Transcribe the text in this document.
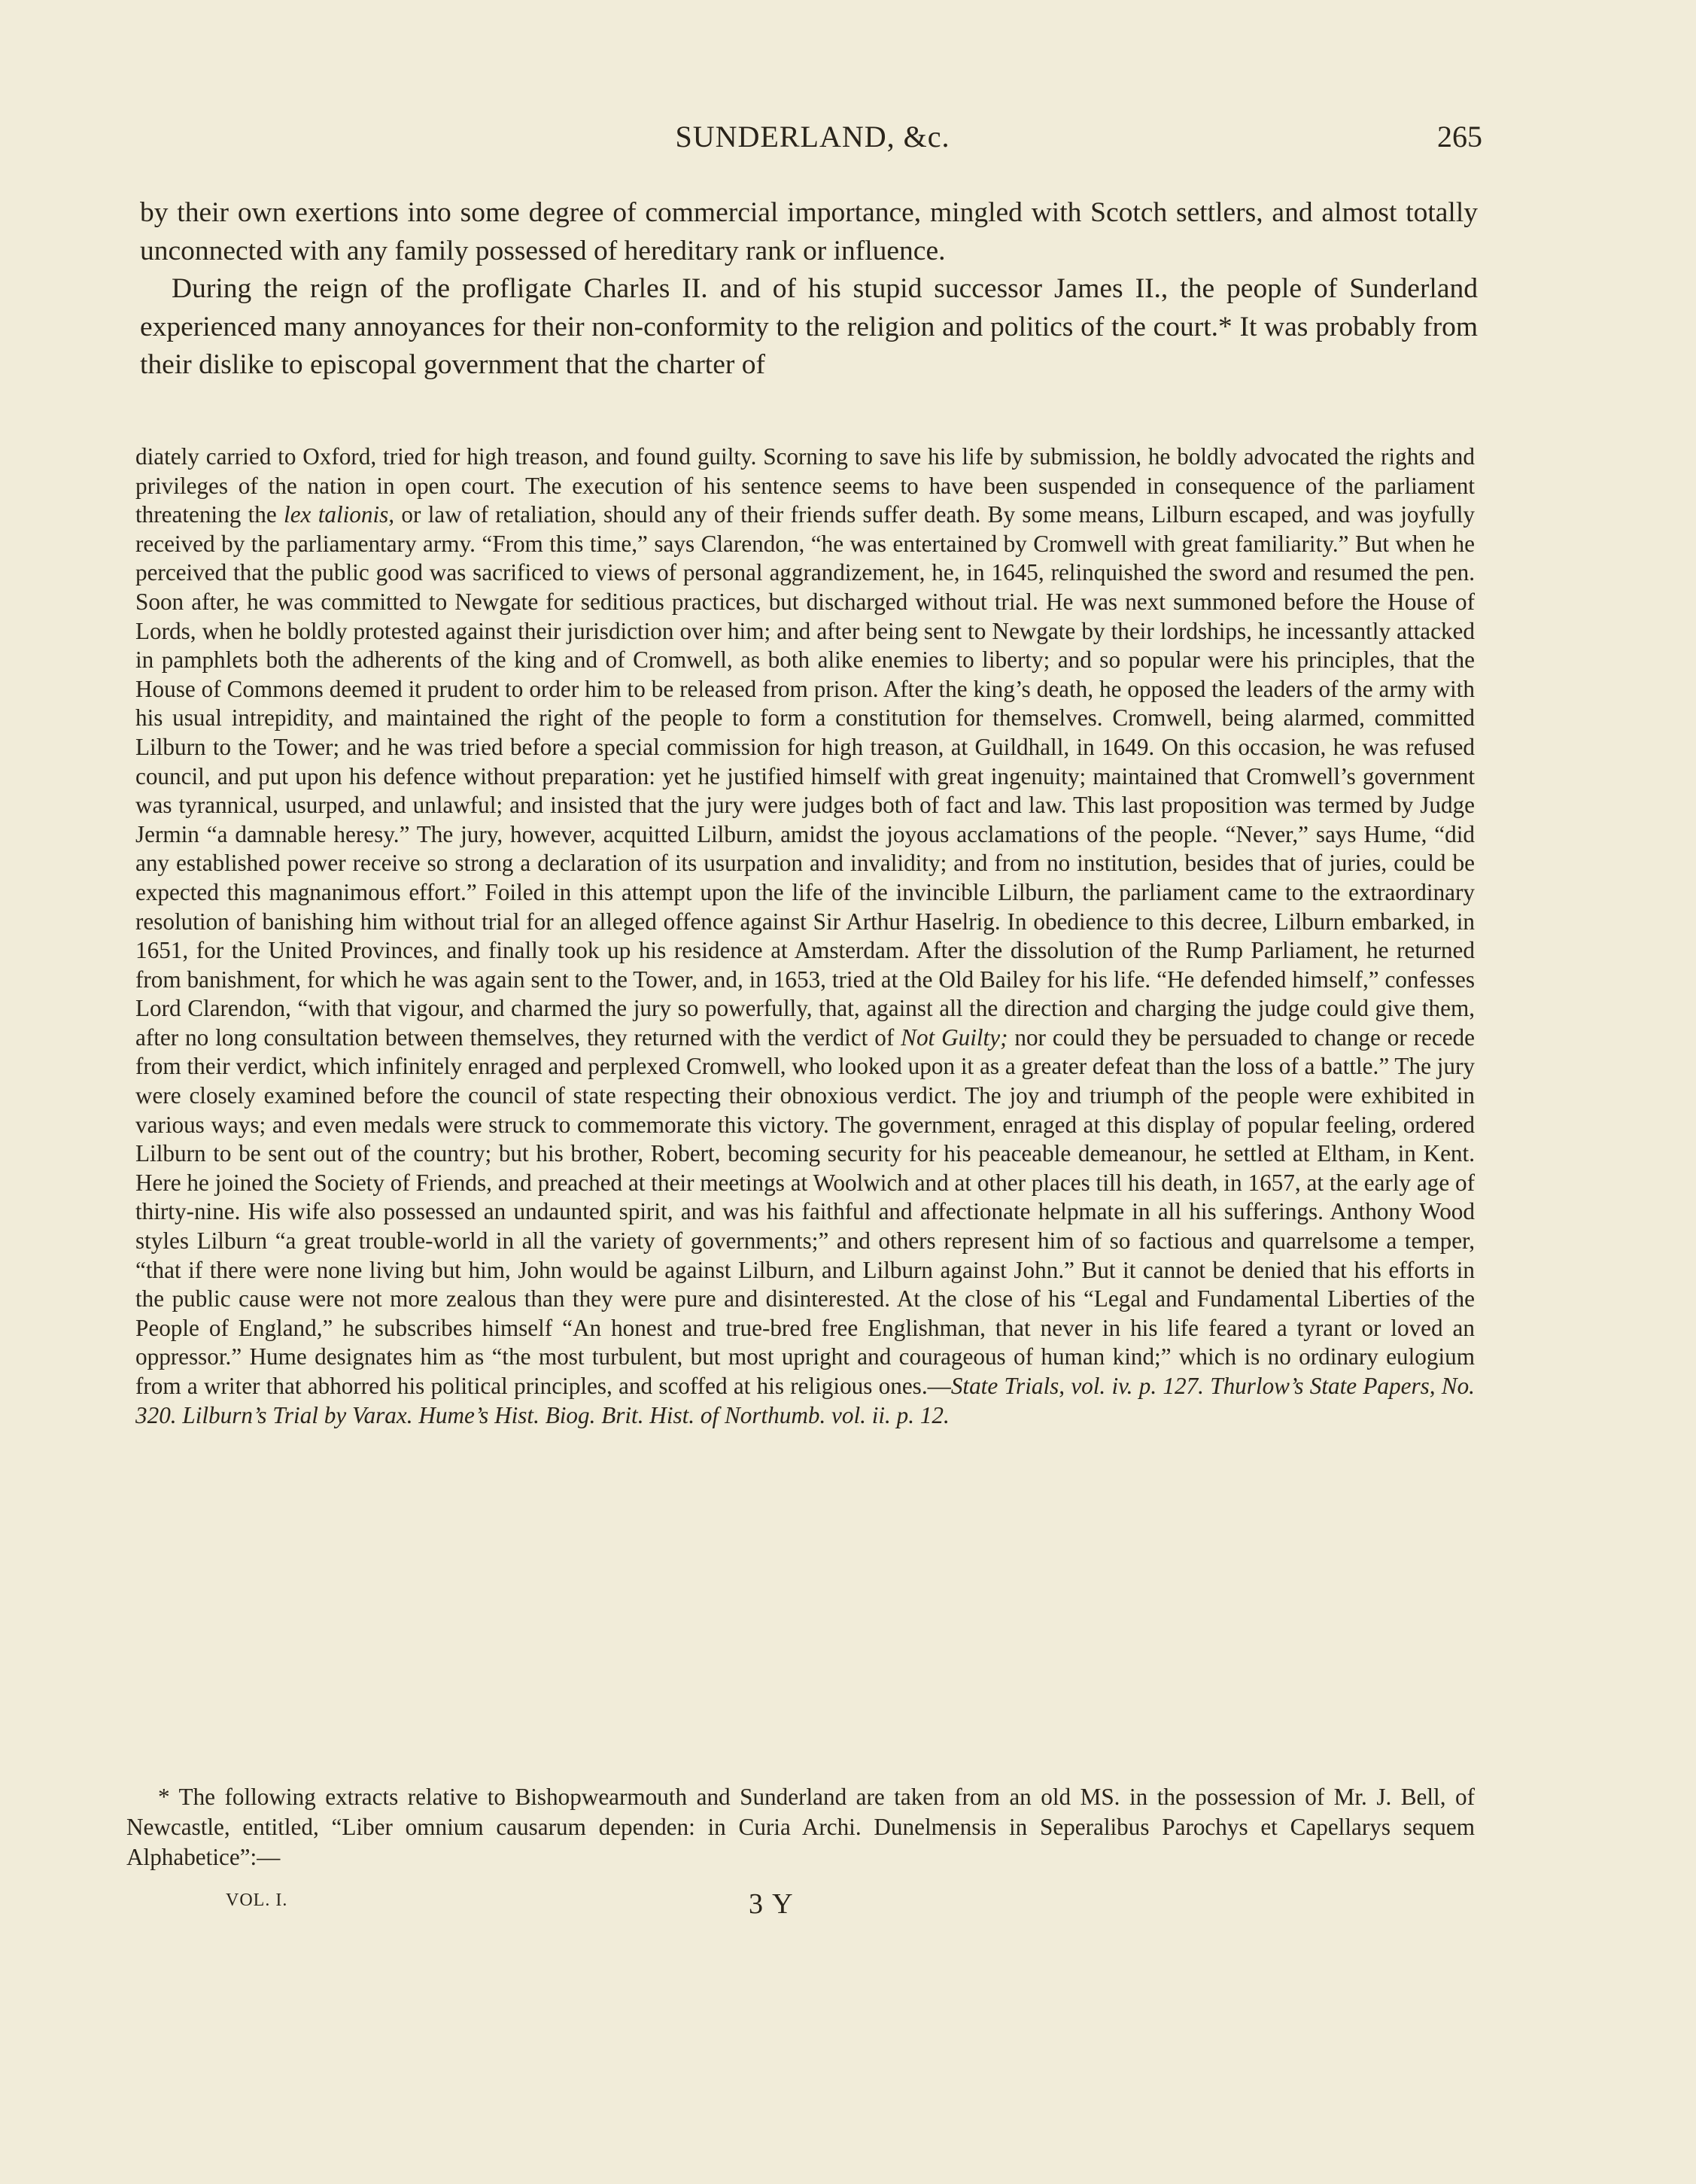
SUNDERLAND, &c.	265

by their own exertions into some degree of commercial importance, mingled with Scotch settlers, and almost totally unconnected with any family possessed of hereditary rank or influence.

During the reign of the profligate Charles II. and of his stupid successor James II., the people of Sunderland experienced many annoyances for their non-conformity to the religion and politics of the court.* It was probably from their dislike to episcopal government that the charter of

diately carried to Oxford, tried for high treason, and found guilty. Scorning to save his life by submission, he boldly advocated the rights and privileges of the nation in open court. The execution of his sentence seems to have been suspended in consequence of the parliament threatening the lex talionis, or law of retaliation, should any of their friends suffer death. By some means, Lilburn escaped, and was joyfully received by the parliamentary army. “From this time,” says Clarendon, “he was entertained by Cromwell with great familiarity.” But when he perceived that the public good was sacrificed to views of personal aggrandizement, he, in 1645, relinquished the sword and resumed the pen. Soon after, he was committed to Newgate for seditious practices, but discharged without trial. He was next summoned before the House of Lords, when he boldly protested against their jurisdiction over him; and after being sent to Newgate by their lordships, he incessantly attacked in pamphlets both the adherents of the king and of Cromwell, as both alike enemies to liberty; and so popular were his principles, that the House of Commons deemed it prudent to order him to be released from prison. After the king’s death, he opposed the leaders of the army with his usual intrepidity, and maintained the right of the people to form a constitution for themselves. Cromwell, being alarmed, committed Lilburn to the Tower; and he was tried before a special commission for high treason, at Guildhall, in 1649. On this occasion, he was refused council, and put upon his defence without preparation: yet he justified himself with great ingenuity; maintained that Cromwell’s government was tyrannical, usurped, and unlawful; and insisted that the jury were judges both of fact and law. This last proposition was termed by Judge Jermin “a damnable heresy.” The jury, however, acquitted Lilburn, amidst the joyous acclamations of the people. “Never,” says Hume, “did any established power receive so strong a declaration of its usurpation and invalidity; and from no institution, besides that of juries, could be expected this magnanimous effort.” Foiled in this attempt upon the life of the invincible Lilburn, the parliament came to the extraordinary resolution of banishing him without trial for an alleged offence against Sir Arthur Haselrig. In obedience to this decree, Lilburn embarked, in 1651, for the United Provinces, and finally took up his residence at Amsterdam. After the dissolution of the Rump Parliament, he returned from banishment, for which he was again sent to the Tower, and, in 1653, tried at the Old Bailey for his life. “He defended himself,” confesses Lord Clarendon, “with that vigour, and charmed the jury so powerfully, that, against all the direction and charging the judge could give them, after no long consultation between themselves, they returned with the verdict of Not Guilty; nor could they be persuaded to change or recede from their verdict, which infinitely enraged and perplexed Cromwell, who looked upon it as a greater defeat than the loss of a battle.” The jury were closely examined before the council of state respecting their obnoxious verdict. The joy and triumph of the people were exhibited in various ways; and even medals were struck to commemorate this victory. The government, enraged at this display of popular feeling, ordered Lilburn to be sent out of the country; but his brother, Robert, becoming security for his peaceable demeanour, he settled at Eltham, in Kent. Here he joined the Society of Friends, and preached at their meetings at Woolwich and at other places till his death, in 1657, at the early age of thirty-nine. His wife also possessed an undaunted spirit, and was his faithful and affectionate helpmate in all his sufferings. Anthony Wood styles Lilburn “a great trouble-world in all the variety of governments;” and others represent him of so factious and quarrelsome a temper, “that if there were none living but him, John would be against Lilburn, and Lilburn against John.” But it cannot be denied that his efforts in the public cause were not more zealous than they were pure and disinterested. At the close of his “Legal and Fundamental Liberties of the People of England,” he subscribes himself “An honest and true-bred free Englishman, that never in his life feared a tyrant or loved an oppressor.” Hume designates him as “the most turbulent, but most upright and courageous of human kind;” which is no ordinary eulogium from a writer that abhorred his political principles, and scoffed at his religious ones.—State Trials, vol. iv. p. 127. Thurlow’s State Papers, No. 320. Lilburn’s Trial by Varax. Hume’s Hist. Biog. Brit. Hist. of Northumb. vol. ii. p. 12.

* The following extracts relative to Bishopwearmouth and Sunderland are taken from an old MS. in the possession of Mr. J. Bell, of Newcastle, entitled, “Liber omnium causarum dependen: in Curia Archi. Dunelmensis in Seperalibus Parochys et Capellarys sequem Alphabetice”:—

VOL. I.	3 Y
